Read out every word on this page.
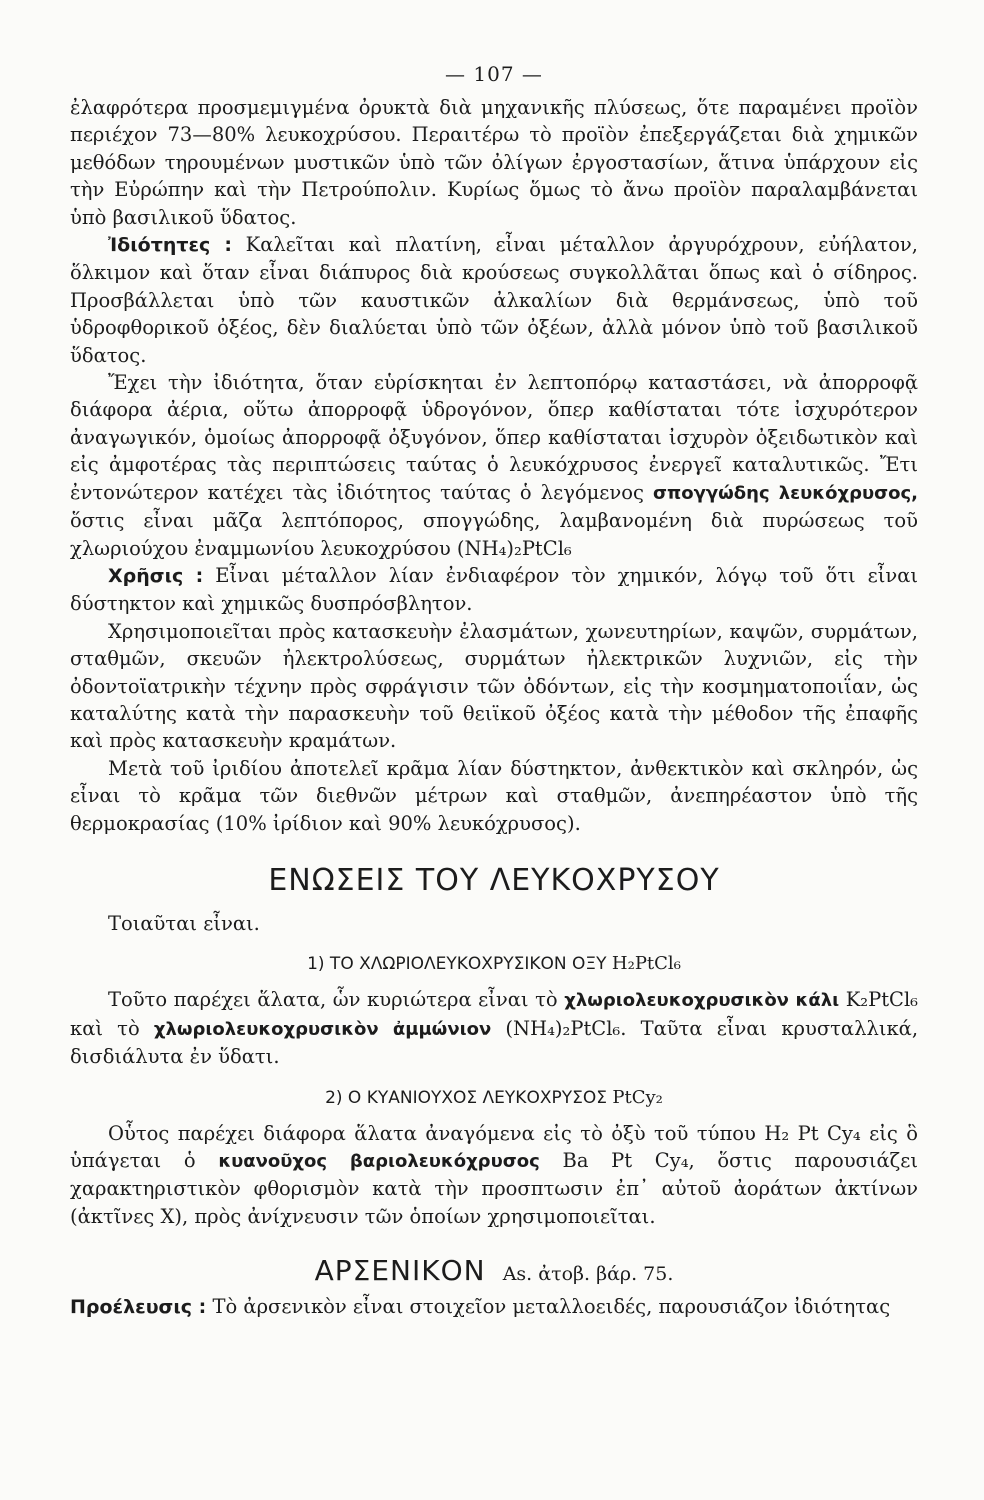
— 107 —

ἐλαφρότερα προσμεμιγμένα ὀρυκτὰ διὰ μηχανικῆς πλύσεως, ὅτε παραμένει προϊὸν περιέχον 73—80% λευκοχρύσου. Περαιτέρω τὸ προϊὸν ἐπεξεργάζεται διὰ χημικῶν μεθόδων τηρουμένων μυστικῶν ὑπὸ τῶν ὀλίγων ἐργοστασίων, ἅτινα ὑπάρχουν εἰς τὴν Εὐρώπην καὶ τὴν Πετρούπολιν. Κυρίως ὅμως τὸ ἄνω προϊὸν παραλαμβάνεται ὑπὸ βασιλικοῦ ὕδατος.

Ἰδιότητες : Καλεῖται καὶ πλατίνη, εἶναι μέταλλον ἀργυρόχρουν, εὐήλατον, ὅλκιμον καὶ ὅταν εἶναι διάπυρος διὰ κρούσεως συγκολλᾶται ὅπως καὶ ὁ σίδηρος. Προσβάλλεται ὑπὸ τῶν καυστικῶν ἀλκαλίων διὰ θερμάνσεως, ὑπὸ τοῦ ὑδροφθορικοῦ ὀξέος, δὲν διαλύεται ὑπὸ τῶν ὀξέων, ἀλλὰ μόνον ὑπὸ τοῦ βασιλικοῦ ὕδατος.

Ἔχει τὴν ἰδιότητα, ὅταν εὑρίσκηται ἐν λεπτοπόρῳ καταστάσει, νὰ ἀπορροφᾷ διάφορα ἀέρια, οὕτω ἀπορροφᾷ ὑδρογόνον, ὅπερ καθίσταται τότε ἰσχυρότερον ἀναγωγικόν, ὁμοίως ἀπορροφᾷ ὀξυγόνον, ὅπερ καθίσταται ἰσχυρὸν ὀξειδωτικὸν καὶ εἰς ἀμφοτέρας τὰς περιπτώσεις ταύτας ὁ λευκόχρυσος ἐνεργεῖ καταλυτικῶς. Ἔτι ἐντονώτερον κατέχει τὰς ἰδιότητος ταύτας ὁ λεγόμενος σπογγώδης λευκόχρυσος, ὅστις εἶναι μᾶζα λεπτόπορος, σπογγώδης, λαμβανομένη διὰ πυρώσεως τοῦ χλωριούχου ἐναμμωνίου λευκοχρύσου (NH₄)₂PtCl₆

Χρῆσις : Εἶναι μέταλλον λίαν ἐνδιαφέρον τὸν χημικόν, λόγῳ τοῦ ὅτι εἶναι δύστηκτον καὶ χημικῶς δυσπρόσβλητον.

Χρησιμοποιεῖται πρὸς κατασκευὴν ἐλασμάτων, χωνευτηρίων, καψῶν, συρμάτων, σταθμῶν, σκευῶν ἠλεκτρολύσεως, συρμάτων ἠλεκτρικῶν λυχνιῶν, εἰς τὴν ὀδοντοϊατρικὴν τέχνην πρὸς σφράγισιν τῶν ὀδόντων, εἰς τὴν κοσμηματοποιΐαν, ὡς καταλύτης κατὰ τὴν παρασκευὴν τοῦ θειϊκοῦ ὀξέος κατὰ τὴν μέθοδον τῆς ἐπαφῆς καὶ πρὸς κατασκευὴν κραμάτων.

Μετὰ τοῦ ἰριδίου ἀποτελεῖ κρᾶμα λίαν δύστηκτον, ἀνθεκτικὸν καὶ σκληρόν, ὡς εἶναι τὸ κρᾶμα τῶν διεθνῶν μέτρων καὶ σταθμῶν, ἀνεπηρέαστον ὑπὸ τῆς θερμοκρασίας (10% ἰρίδιον καὶ 90% λευκόχρυσος).

ΕΝΩΣΕΙΣ ΤΟΥ ΛΕΥΚΟΧΡΥΣΟΥ

Τοιαῦται εἶναι.

1) ΤΟ ΧΛΩΡΙΟΛΕΥΚΟΧΡΥΣΙΚΟΝ ΟΞΥ H₂PtCl₆

Τοῦτο παρέχει ἅλατα, ὧν κυριώτερα εἶναι τὸ χλωριολευκοχρυσικὸν κάλι K₂PtCl₆ καὶ τὸ χλωριολευκοχρυσικὸν ἀμμώνιον (NH₄)₂PtCl₆. Ταῦτα εἶναι κρυσταλλικά, δισδιάλυτα ἐν ὕδατι.

2) Ο ΚΥΑΝΙΟΥΧΟΣ ΛΕΥΚΟΧΡΥΣΟΣ PtCy₂

Οὗτος παρέχει διάφορα ἅλατα ἀναγόμενα εἰς τὸ ὀξὺ τοῦ τύπου H₂ Pt Cy₄ εἰς ὃ ὑπάγεται ὁ κυανοῦχος βαριολευκόχρυσος Ba Pt Cy₄, ὅστις παρουσιάζει χαρακτηριστικὸν φθορισμὸν κατὰ τὴν προσπτωσιν ἐπ᾽ αὐτοῦ ἀοράτων ἀκτίνων (ἀκτῖνες X), πρὸς ἀνίχνευσιν τῶν ὁποίων χρησιμοποιεῖται.

ΑΡΣΕΝΙΚΟΝ As. ἀτοβ. βάρ. 75.

Προέλευσις : Τὸ ἀρσενικὸν εἶναι στοιχεῖον μεταλλοειδές, παρουσιάζον ἰδιότητας
